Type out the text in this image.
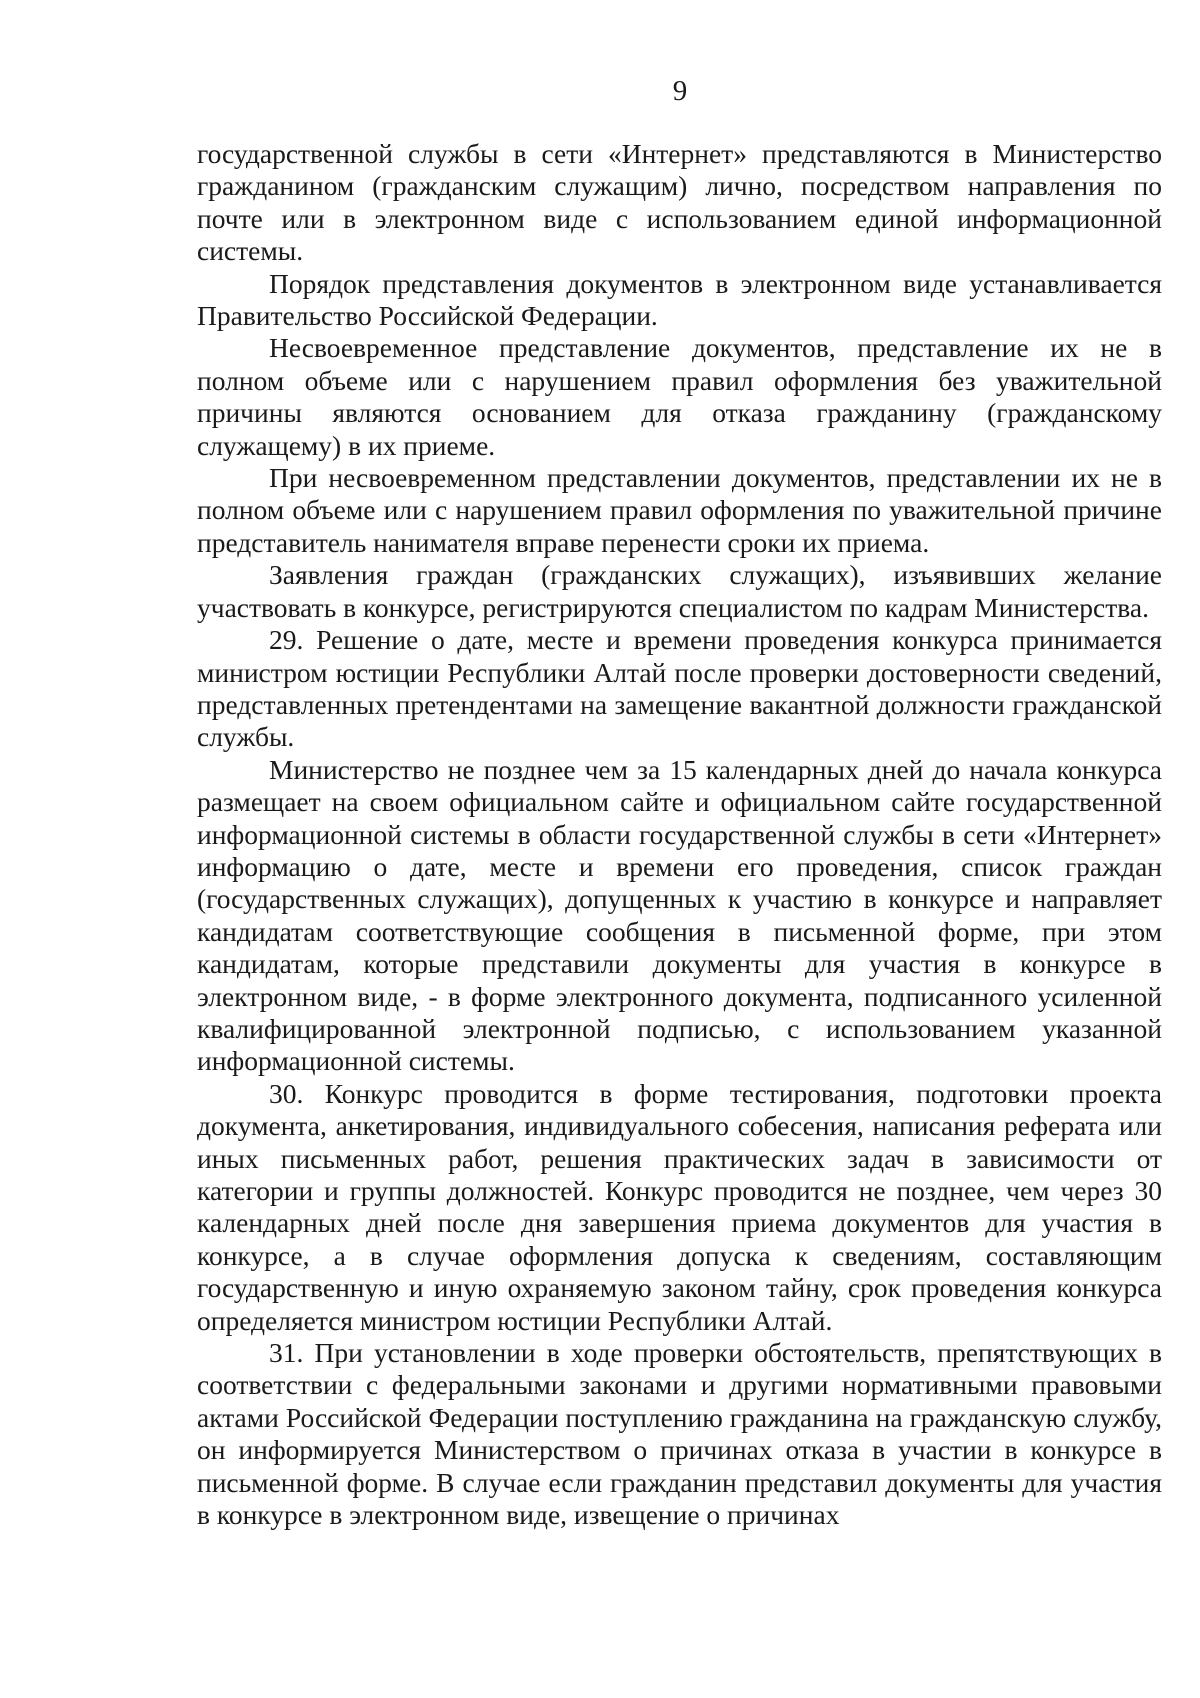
9

государственной службы в сети «Интернет» представляются в Министерство гражданином (гражданским служащим) лично, посредством направления по почте или в электронном виде с использованием единой информационной системы.

Порядок представления документов в электронном виде устанавливается Правительство Российской Федерации.

Несвоевременное представление документов, представление их не в полном объеме или с нарушением правил оформления без уважительной причины являются основанием для отказа гражданину (гражданскому служащему) в их приеме.

При несвоевременном представлении документов, представлении их не в полном объеме или с нарушением правил оформления по уважительной причине представитель нанимателя вправе перенести сроки их приема.

Заявления граждан (гражданских служащих), изъявивших желание участвовать в конкурсе, регистрируются специалистом по кадрам Министерства.

29. Решение о дате, месте и времени проведения конкурса принимается министром юстиции Республики Алтай после проверки достоверности сведений, представленных претендентами на замещение вакантной должности гражданской службы.

Министерство не позднее чем за 15 календарных дней до начала конкурса размещает на своем официальном сайте и официальном сайте государственной информационной системы в области государственной службы в сети «Интернет» информацию о дате, месте и времени его проведения, список граждан (государственных служащих), допущенных к участию в конкурсе и направляет кандидатам соответствующие сообщения в письменной форме, при этом кандидатам, которые представили документы для участия в конкурсе в электронном виде, - в форме электронного документа, подписанного усиленной квалифицированной электронной подписью, с использованием указанной информационной системы.

30. Конкурс проводится в форме тестирования, подготовки проекта документа, анкетирования, индивидуального собесения, написания реферата или иных письменных работ, решения практических задач в зависимости от категории и группы должностей. Конкурс проводится не позднее, чем через 30 календарных дней после дня завершения приема документов для участия в конкурсе, а в случае оформления допуска к сведениям, составляющим государственную и иную охраняемую законом тайну, срок проведения конкурса определяется министром юстиции Республики Алтай.

31. При установлении в ходе проверки обстоятельств, препятствующих в соответствии с федеральными законами и другими нормативными правовыми актами Российской Федерации поступлению гражданина на гражданскую службу, он информируется Министерством о причинах отказа в участии в конкурсе в письменной форме. В случае если гражданин представил документы для участия в конкурсе в электронном виде, извещение о причинах
